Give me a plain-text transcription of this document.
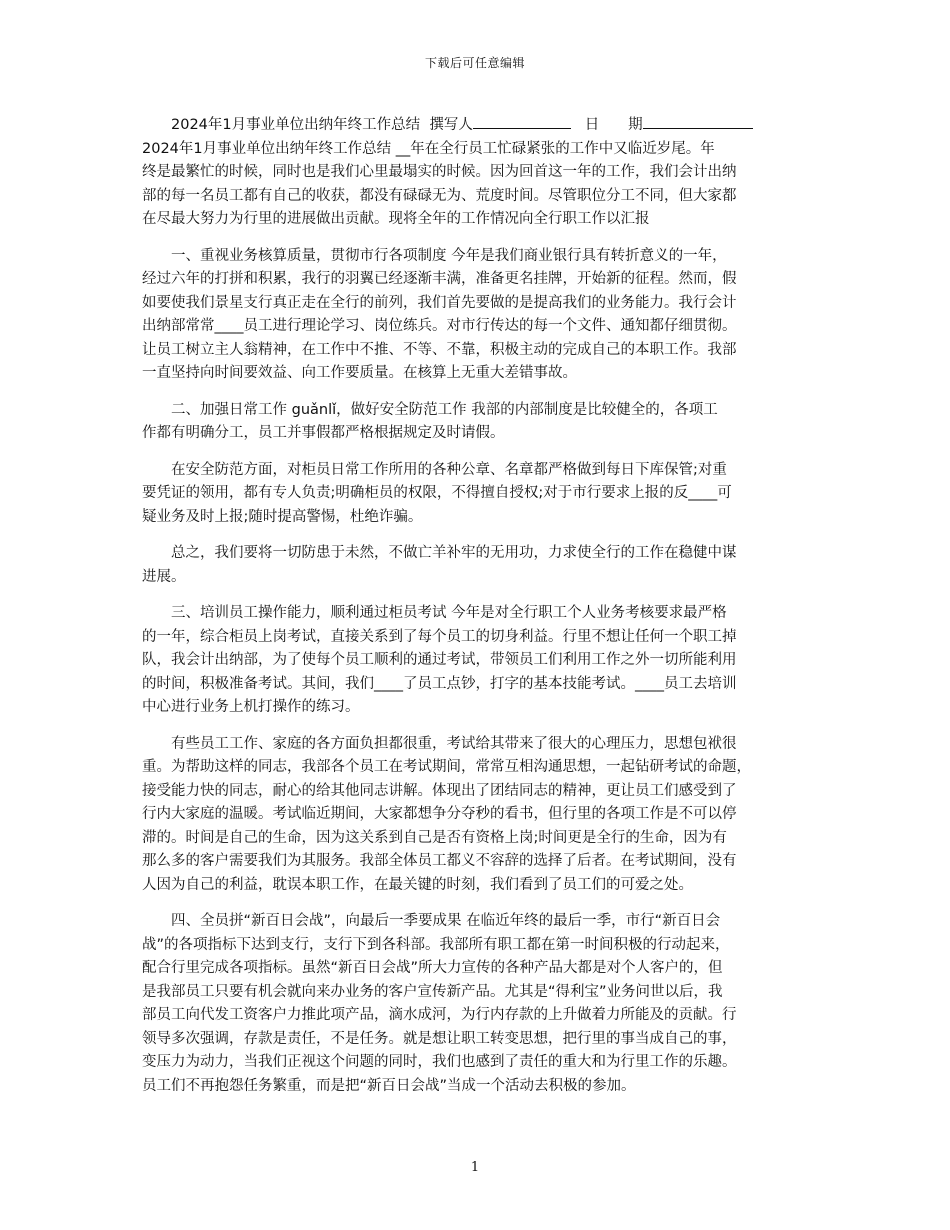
下载后可任意编辑

2024年1月事业单位出纳年终工作总结 撰写人	日　　期

2024年1月事业单位出纳年终工作总结 __年在全行员工忙碌紧张的工作中又临近岁尾。年
终是最繁忙的时候，同时也是我们心里最塌实的时候。因为回首这一年的工作，我们会计出纳
部的每一名员工都有自己的收获，都没有碌碌无为、荒度时间。尽管职位分工不同，但大家都
在尽最大努力为行里的进展做出贡献。现将全年的工作情况向全行职工作以汇报
一、重视业务核算质量，贯彻市行各项制度 今年是我们商业银行具有转折意义的一年，
经过六年的打拼和积累，我行的羽翼已经逐渐丰满，准备更名挂牌，开始新的征程。然而，假
如要使我们景星支行真正走在全行的前列，我们首先要做的是提高我们的业务能力。我行会计
出纳部常常____员工进行理论学习、岗位练兵。对市行传达的每一个文件、通知都仔细贯彻。
让员工树立主人翁精神，在工作中不推、不等、不靠，积极主动的完成自己的本职工作。我部
一直坚持向时间要效益、向工作要质量。在核算上无重大差错事故。
二、加强日常工作 guǎnlǐ，做好安全防范工作 我部的内部制度是比较健全的，各项工
作都有明确分工，员工并事假都严格根据规定及时请假。
在安全防范方面，对柜员日常工作所用的各种公章、名章都严格做到每日下库保管;对重
要凭证的领用，都有专人负责;明确柜员的权限，不得擅自授权;对于市行要求上报的反____可
疑业务及时上报;随时提高警惕，杜绝诈骗。
总之，我们要将一切防患于未然，不做亡羊补牢的无用功，力求使全行的工作在稳健中谋
进展。
三、培训员工操作能力，顺利通过柜员考试 今年是对全行职工个人业务考核要求最严格
的一年，综合柜员上岗考试，直接关系到了每个员工的切身利益。行里不想让任何一个职工掉
队，我会计出纳部，为了使每个员工顺利的通过考试，带领员工们利用工作之外一切所能利用
的时间，积极准备考试。其间，我们____了员工点钞，打字的基本技能考试。____员工去培训
中心进行业务上机打操作的练习。
有些员工工作、家庭的各方面负担都很重，考试给其带来了很大的心理压力，思想包袱很
重。为帮助这样的同志，我部各个员工在考试期间，常常互相沟通思想，一起钻研考试的命题，
接受能力快的同志，耐心的给其他同志讲解。体现出了团结同志的精神，更让员工们感受到了
行内大家庭的温暖。考试临近期间，大家都想争分夺秒的看书，但行里的各项工作是不可以停
滞的。时间是自己的生命，因为这关系到自己是否有资格上岗;时间更是全行的生命，因为有
那么多的客户需要我们为其服务。我部全体员工都义不容辞的选择了后者。在考试期间，没有
人因为自己的利益，耽误本职工作，在最关键的时刻，我们看到了员工们的可爱之处。
四、全员拼“新百日会战”，向最后一季要成果 在临近年终的最后一季，市行“新百日会
战”的各项指标下达到支行，支行下到各科部。我部所有职工都在第一时间积极的行动起来，
配合行里完成各项指标。虽然“新百日会战”所大力宣传的各种产品大都是对个人客户的，但
是我部员工只要有机会就向来办业务的客户宣传新产品。尤其是“得利宝”业务问世以后，我
部员工向代发工资客户力推此项产品，滴水成河，为行内存款的上升做着力所能及的贡献。行
领导多次强调，存款是责任，不是任务。就是想让职工转变思想，把行里的事当成自己的事，
变压力为动力，当我们正视这个问题的同时，我们也感到了责任的重大和为行里工作的乐趣。
员工们不再抱怨任务繁重，而是把“新百日会战”当成一个活动去积极的参加。
1
